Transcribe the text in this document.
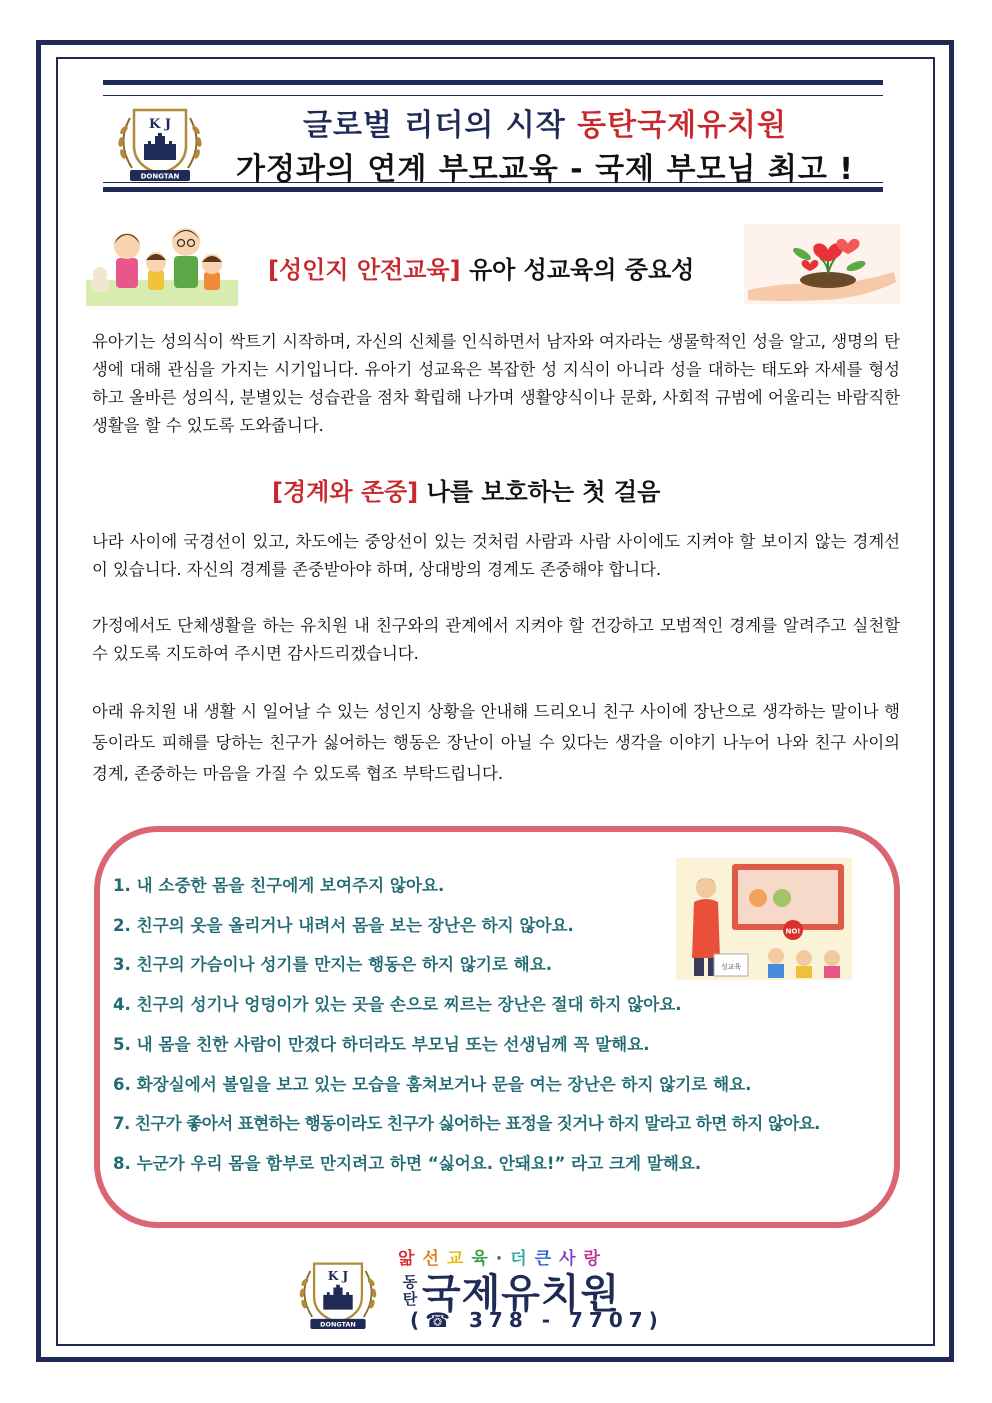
K J
DONGTAN
글로벌 리더의 시작 동탄국제유치원
가정과의 연계 부모교육 - 국제 부모님 최고 !
[성인지 안전교육] 유아 성교육의 중요성

유아기는 성의식이 싹트기 시작하며, 자신의 신체를 인식하면서 남자와 여자라는 생물학적인 성을 알고, 생명의 탄생에 대해 관심을 가지는 시기입니다. 유아기 성교육은 복잡한 성 지식이 아니라 성을 대하는 태도와 자세를 형성하고 올바른 성의식, 분별있는 성습관을 점차 확립해 나가며 생활양식이나 문화, 사회적 규범에 어울리는 바람직한 생활을 할 수 있도록 도와줍니다.

[경계와 존중] 나를 보호하는 첫 걸음

나라 사이에 국경선이 있고, 차도에는 중앙선이 있는 것처럼 사람과 사람 사이에도 지켜야 할 보이지 않는 경계선이 있습니다. 자신의 경계를 존중받아야 하며, 상대방의 경계도 존중해야 합니다.

가정에서도 단체생활을 하는 유치원 내 친구와의 관계에서 지켜야 할 건강하고 모범적인 경계를 알려주고 실천할 수 있도록 지도하여 주시면 감사드리겠습니다.

아래 유치원 내 생활 시 일어날 수 있는 성인지 상황을 안내해 드리오니 친구 사이에 장난으로 생각하는 말이나 행동이라도 피해를 당하는 친구가 싫어하는 행동은 장난이 아닐 수 있다는 생각을 이야기 나누어 나와 친구 사이의 경계, 존중하는 마음을 가질 수 있도록 협조 부탁드립니다.

성교육
NO!
1. 내 소중한 몸을 친구에게 보여주지 않아요.
2. 친구의 옷을 올리거나 내려서 몸을 보는 장난은 하지 않아요.
3. 친구의 가슴이나 성기를 만지는 행동은 하지 않기로 해요.
4. 친구의 성기나 엉덩이가 있는 곳을 손으로 찌르는 장난은 절대 하지 않아요.
5. 내 몸을 친한 사람이 만졌다 하더라도 부모님 또는 선생님께 꼭 말해요.
6. 화장실에서 볼일을 보고 있는 모습을 훔쳐보거나 문을 여는 장난은 하지 않기로 해요.
7. 친구가 좋아서 표현하는 행동이라도 친구가 싫어하는 표정을 짓거나 하지 말라고 하면 하지 않아요.
8. 누군가 우리 몸을 함부로 만지려고 하면 “싫어요. 안돼요!” 라고 크게 말해요.
K J
DONGTAN
앎선교육·더큰사랑
동
탄 국제유치원
(☎ 378 - 7707)
